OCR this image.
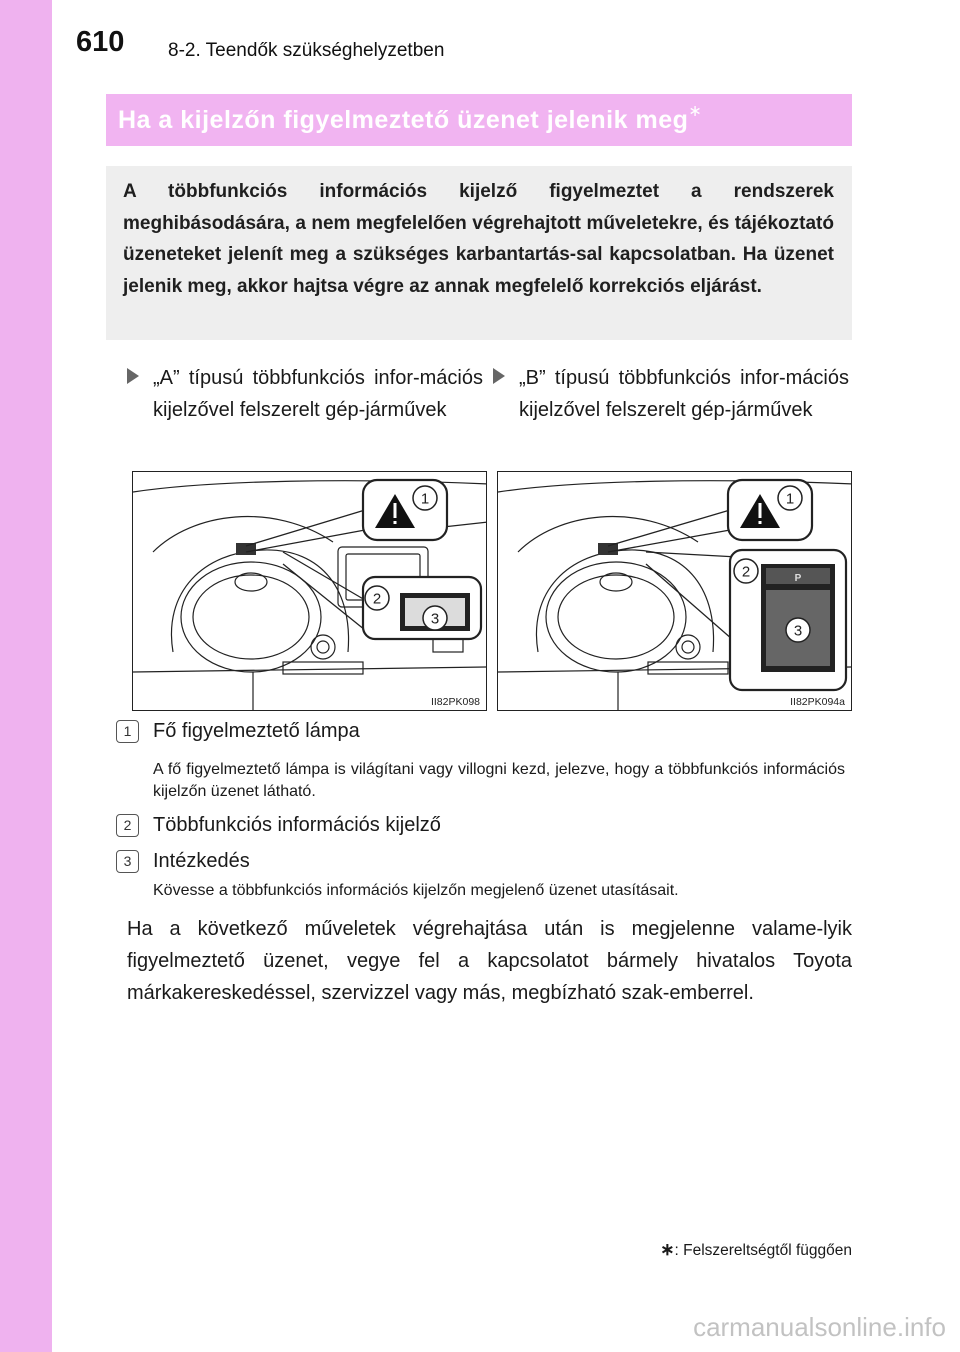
610 8-2. Teendők szükséghelyzetben
Ha a kijelzőn figyelmeztető üzenet jelenik meg∗

A többfunkciós információs kijelző figyelmeztet a rendszerek meghibásodására, a nem megfelelően végrehajtott műveletekre, és tájékoztató üzeneteket jelenít meg a szükséges karbantartás-sal kapcsolatban. Ha üzenet jelenik meg, akkor hajtsa végre az annak megfelelő korrekciós eljárást.

„A” típusú többfunkciós infor-mációs kijelzővel felszerelt gép-járművek
„B” típusú többfunkciós infor-mációs kijelzővel felszerelt gép-járművek
1
2
3
II82PK098
P
1
2
3
II82PK094a
1	Fő figyelmeztető lámpa
A fő figyelmeztető lámpa is világítani vagy villogni kezd, jelezve, hogy a többfunkciós információs kijelzőn üzenet látható.
2	Többfunkciós információs kijelző
3	Intézkedés
Kövesse a többfunkciós információs kijelzőn megjelenő üzenet utasításait.

Ha a következő műveletek végrehajtása után is megjelenne valame-lyik figyelmeztető üzenet, vegye fel a kapcsolatot bármely hivatalos Toyota márkakereskedéssel, szervizzel vagy más, megbízható szak-emberrel.

∗: Felszereltségtől függően
carmanualsonline.info
